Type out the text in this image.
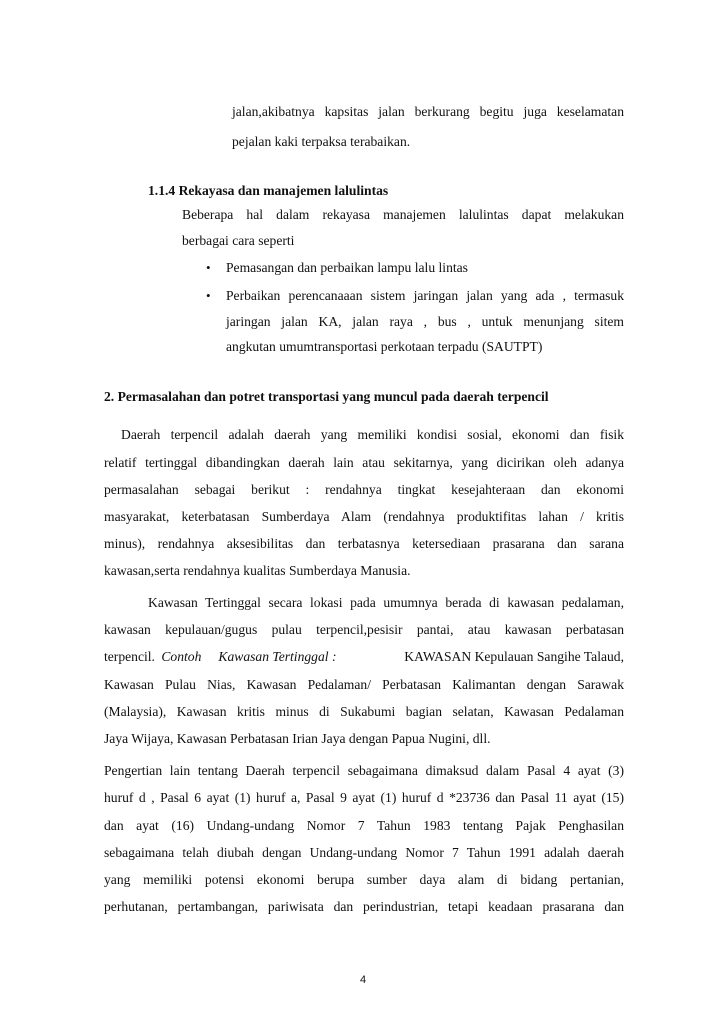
jalan,akibatnya kapsitas jalan berkurang begitu juga keselamatan
pejalan kaki terpaksa terabaikan.
1.1.4 Rekayasa dan manajemen lalulintas
Beberapa hal dalam rekayasa manajemen lalulintas dapat melakukan
berbagai cara seperti
• Pemasangan dan perbaikan lampu lalu lintas
• Perbaikan perencanaaan sistem jaringan jalan yang ada , termasuk
jaringan jalan KA, jalan raya , bus , untuk menunjang sitem
angkutan umumtransportasi perkotaan terpadu (SAUTPT)
2. Permasalahan dan potret transportasi yang muncul pada daerah terpencil
Daerah terpencil adalah daerah yang memiliki kondisi sosial, ekonomi dan fisik
relatif tertinggal dibandingkan daerah lain atau sekitarnya, yang dicirikan oleh adanya
permasalahan sebagai berikut : rendahnya tingkat kesejahteraan dan ekonomi
masyarakat, keterbatasan Sumberdaya Alam (rendahnya produktifitas lahan / kritis
minus), rendahnya aksesibilitas dan terbatasnya ketersediaan prasarana dan sarana
kawasan,serta rendahnya kualitas Sumberdaya Manusia.
Kawasan Tertinggal secara lokasi pada umumnya berada di kawasan pedalaman,
kawasan kepulauan/gugus pulau terpencil,pesisir pantai, atau kawasan perbatasan
terpencil. Contoh     Kawasan Tertinggal :	KAWASAN Kepulauan Sangihe Talaud,
Kawasan Pulau Nias, Kawasan Pedalaman/ Perbatasan Kalimantan dengan Sarawak
(Malaysia), Kawasan kritis minus di Sukabumi bagian selatan, Kawasan Pedalaman
Jaya Wijaya, Kawasan Perbatasan Irian Jaya dengan Papua Nugini, dll.
Pengertian lain tentang Daerah terpencil sebagaimana dimaksud dalam Pasal 4 ayat (3)
huruf d , Pasal 6 ayat (1) huruf a, Pasal 9 ayat (1) huruf d *23736 dan Pasal 11 ayat (15)
dan ayat (16) Undang-undang Nomor 7 Tahun 1983 tentang Pajak Penghasilan
sebagaimana telah diubah dengan Undang-undang Nomor 7 Tahun 1991 adalah daerah
yang memiliki potensi ekonomi berupa sumber daya alam di bidang pertanian,
perhutanan, pertambangan, pariwisata dan perindustrian, tetapi keadaan prasarana dan
4
